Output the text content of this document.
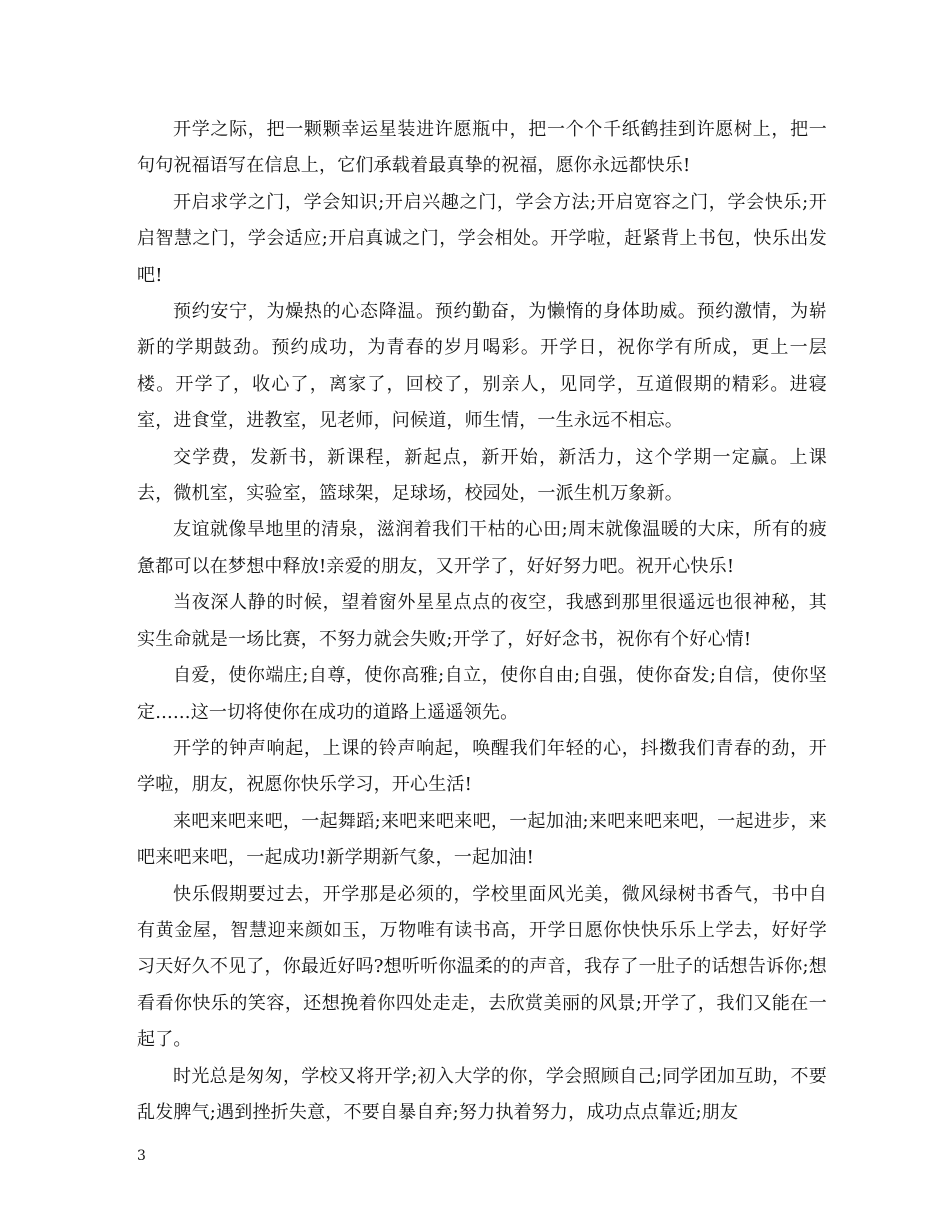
开学之际，把一颗颗幸运星装进许愿瓶中，把一个个千纸鹤挂到许愿树上，把一句句祝福语写在信息上，它们承载着最真挚的祝福，愿你永远都快乐!

开启求学之门，学会知识;开启兴趣之门，学会方法;开启宽容之门，学会快乐;开启智慧之门，学会适应;开启真诚之门，学会相处。开学啦，赶紧背上书包，快乐出发吧!

预约安宁，为燥热的心态降温。预约勤奋，为懒惰的身体助威。预约激情，为崭新的学期鼓劲。预约成功，为青春的岁月喝彩。开学日，祝你学有所成，更上一层楼。开学了，收心了，离家了，回校了，别亲人，见同学，互道假期的精彩。进寝室，进食堂，进教室，见老师，问候道，师生情，一生永远不相忘。

交学费，发新书，新课程，新起点，新开始，新活力，这个学期一定赢。上课去，微机室，实验室，篮球架，足球场，校园处，一派生机万象新。

友谊就像旱地里的清泉，滋润着我们干枯的心田;周末就像温暖的大床，所有的疲惫都可以在梦想中释放!亲爱的朋友，又开学了，好好努力吧。祝开心快乐!

当夜深人静的时候，望着窗外星星点点的夜空，我感到那里很遥远也很神秘，其实生命就是一场比赛，不努力就会失败;开学了，好好念书，祝你有个好心情!

自爱，使你端庄;自尊，使你高雅;自立，使你自由;自强，使你奋发;自信，使你坚定......这一切将使你在成功的道路上遥遥领先。

开学的钟声响起，上课的铃声响起，唤醒我们年轻的心，抖擞我们青春的劲，开学啦，朋友，祝愿你快乐学习，开心生活!

来吧来吧来吧，一起舞蹈;来吧来吧来吧，一起加油;来吧来吧来吧，一起进步，来吧来吧来吧，一起成功!新学期新气象，一起加油!

快乐假期要过去，开学那是必须的，学校里面风光美，微风绿树书香气，书中自有黄金屋，智慧迎来颜如玉，万物唯有读书高，开学日愿你快快乐乐上学去，好好学习天好久不见了，你最近好吗?想听听你温柔的的声音，我存了一肚子的话想告诉你;想看看你快乐的笑容，还想挽着你四处走走，去欣赏美丽的风景;开学了，我们又能在一起了。

时光总是匆匆，学校又将开学;初入大学的你，学会照顾自己;同学团加互助，不要乱发脾气;遇到挫折失意，不要自暴自弃;努力执着努力，成功点点靠近;朋友

3
